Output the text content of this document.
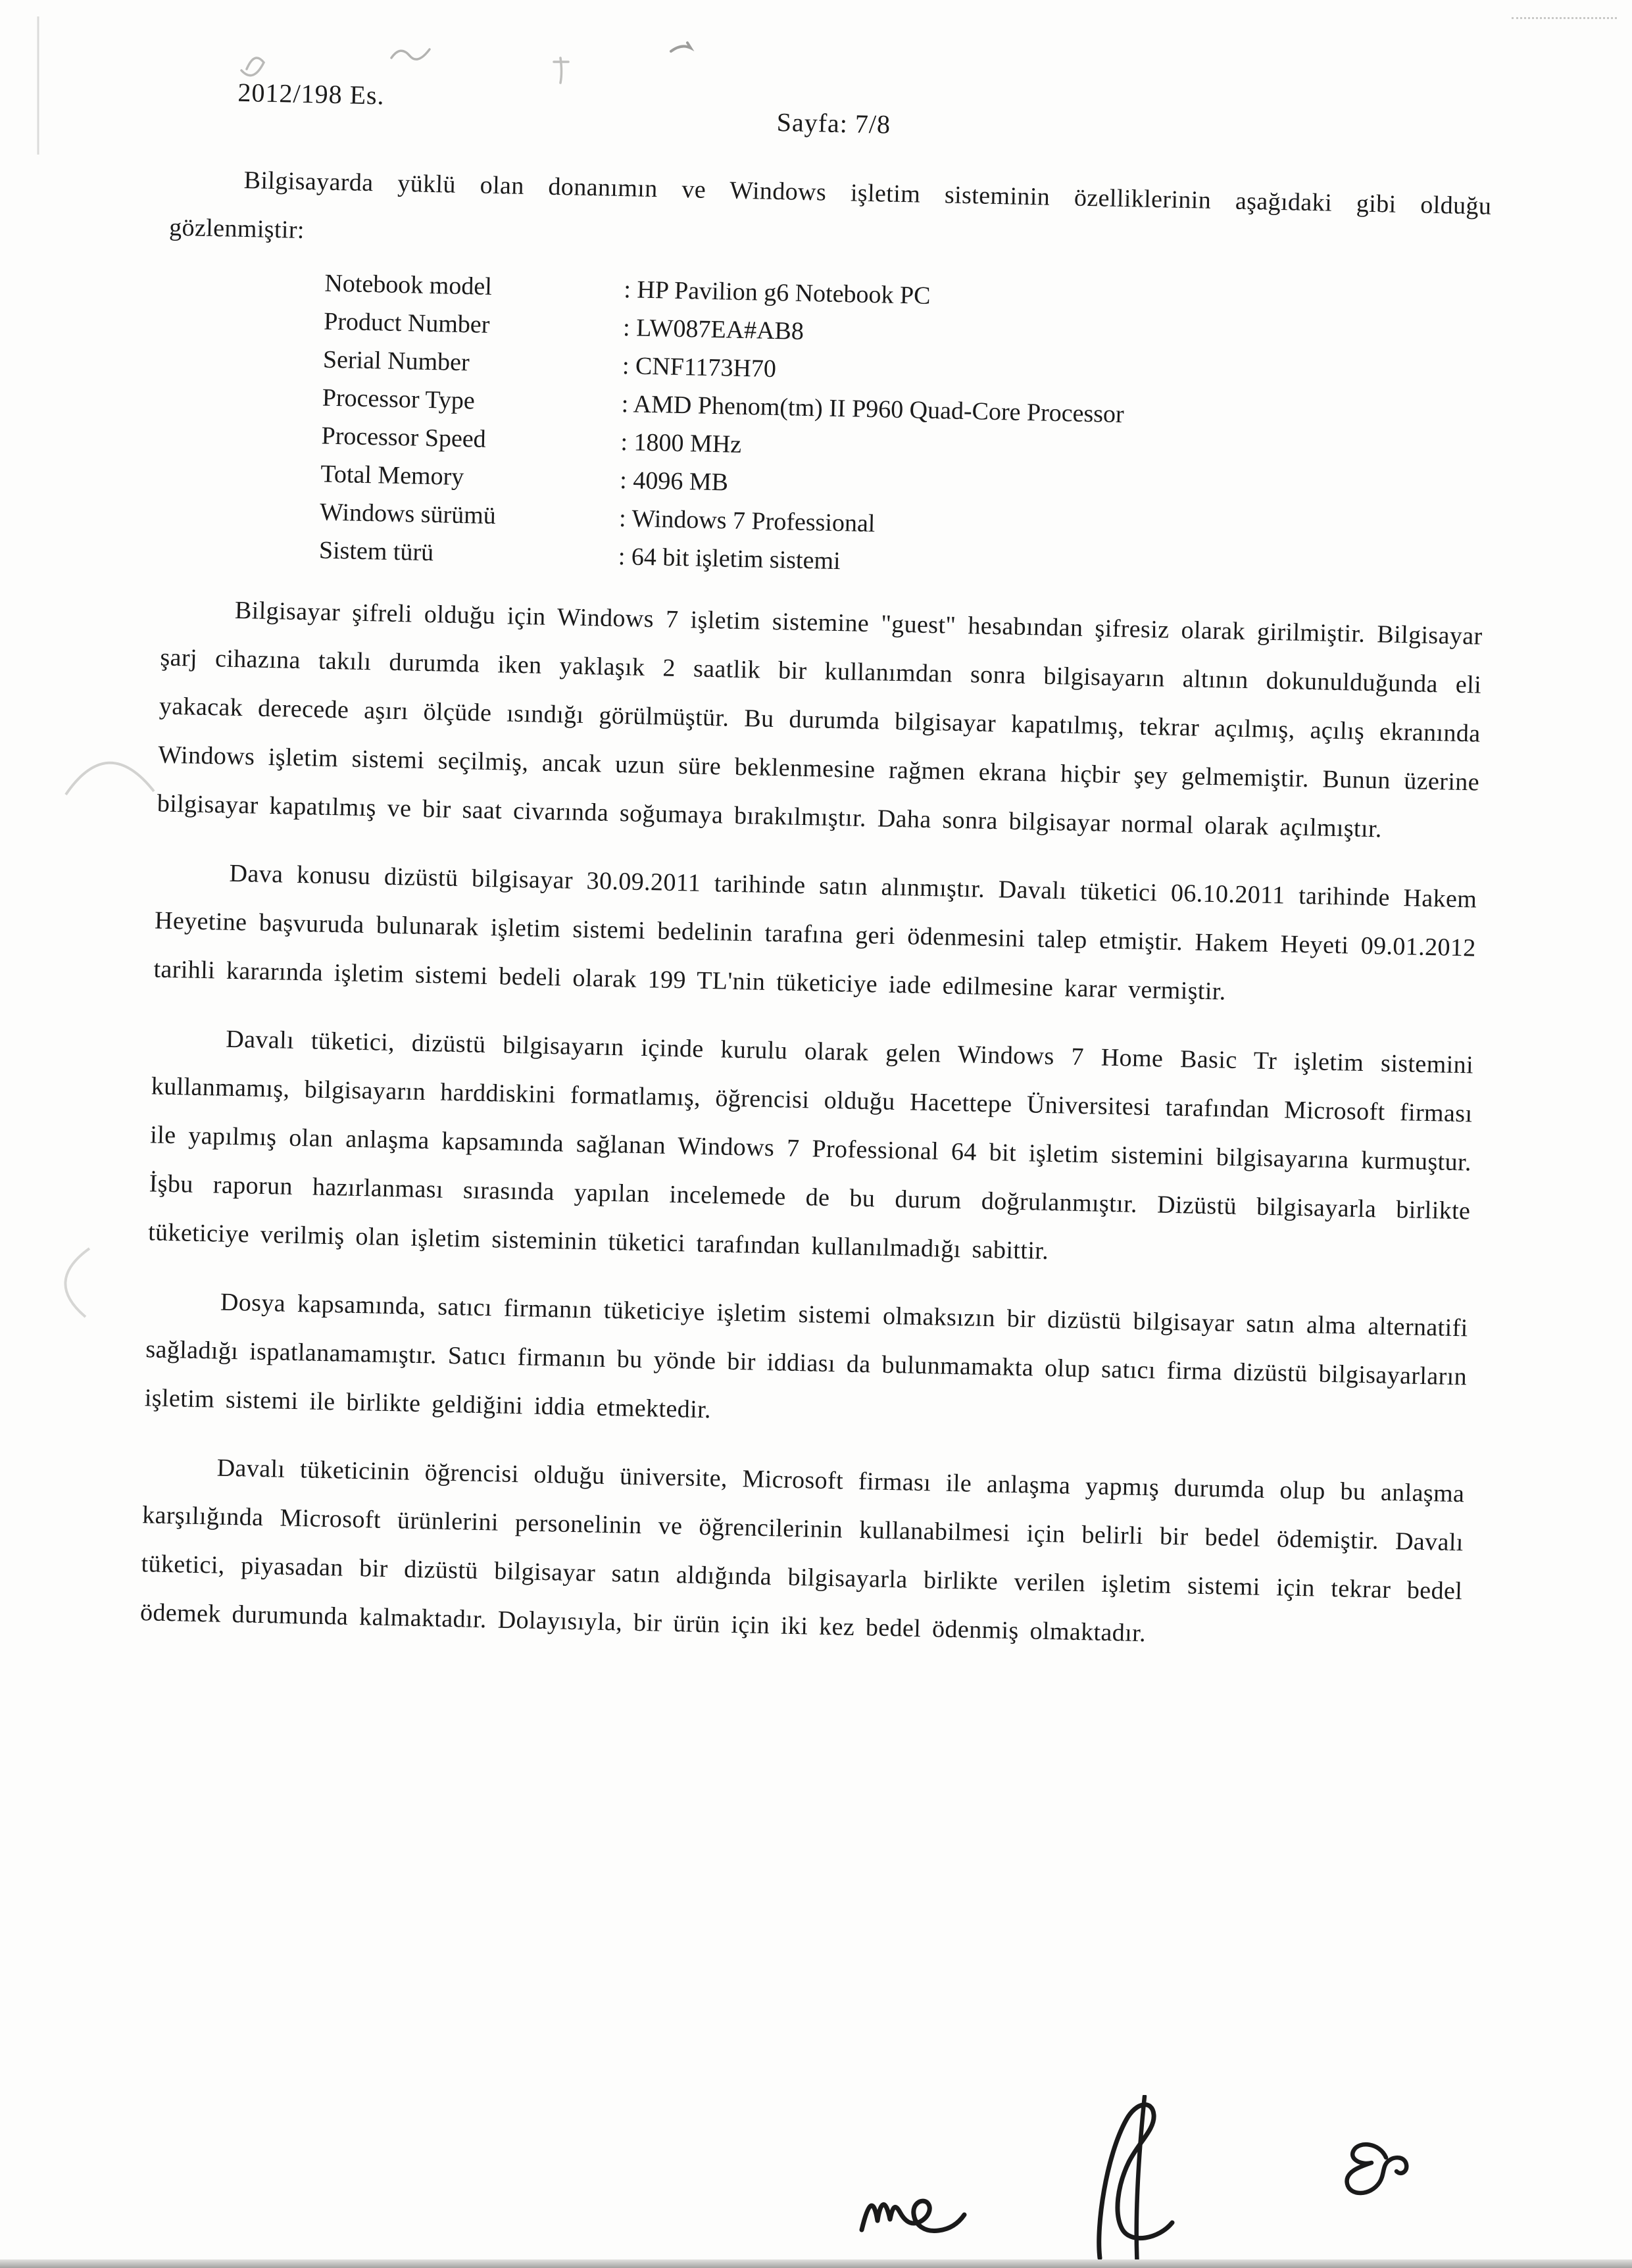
2012/198 Es.
Sayfa: 7/8

Bilgisayarda yüklü olan donanımın ve Windows işletim sisteminin özelliklerinin aşağıdaki gibi olduğu gözlenmiştir:

Notebook model	: HP Pavilion g6 Notebook PC
Product Number	: LW087EA#AB8
Serial Number	: CNF1173H70
Processor Type	: AMD Phenom(tm) II P960 Quad-Core Processor
Processor Speed	: 1800 MHz
Total Memory	: 4096 MB
Windows sürümü	: Windows 7 Professional
Sistem türü	: 64 bit işletim sistemi

Bilgisayar şifreli olduğu için Windows 7 işletim sistemine "guest" hesabından şifresiz olarak girilmiştir. Bilgisayar şarj cihazına takılı durumda iken yaklaşık 2 saatlik bir kullanımdan sonra bilgisayarın altının dokunulduğunda eli yakacak derecede aşırı ölçüde ısındığı görülmüştür. Bu durumda bilgisayar kapatılmış, tekrar açılmış, açılış ekranında Windows işletim sistemi seçilmiş, ancak uzun süre beklenmesine rağmen ekrana hiçbir şey gelmemiştir. Bunun üzerine bilgisayar kapatılmış ve bir saat civarında soğumaya bırakılmıştır. Daha sonra bilgisayar normal olarak açılmıştır.

Dava konusu dizüstü bilgisayar 30.09.2011 tarihinde satın alınmıştır. Davalı tüketici 06.10.2011 tarihinde Hakem Heyetine başvuruda bulunarak işletim sistemi bedelinin tarafına geri ödenmesini talep etmiştir. Hakem Heyeti 09.01.2012 tarihli kararında işletim sistemi bedeli olarak 199 TL'nin tüketiciye iade edilmesine karar vermiştir.

Davalı tüketici, dizüstü bilgisayarın içinde kurulu olarak gelen Windows 7 Home Basic Tr işletim sistemini kullanmamış, bilgisayarın harddiskini formatlamış, öğrencisi olduğu Hacettepe Üniversitesi tarafından Microsoft firması ile yapılmış olan anlaşma kapsamında sağlanan Windows 7 Professional 64 bit işletim sistemini bilgisayarına kurmuştur. İşbu raporun hazırlanması sırasında yapılan incelemede de bu durum doğrulanmıştır. Dizüstü bilgisayarla birlikte tüketiciye verilmiş olan işletim sisteminin tüketici tarafından kullanılmadığı sabittir.

Dosya kapsamında, satıcı firmanın tüketiciye işletim sistemi olmaksızın bir dizüstü bilgisayar satın alma alternatifi sağladığı ispatlanamamıştır. Satıcı firmanın bu yönde bir iddiası da bulunmamakta olup satıcı firma dizüstü bilgisayarların işletim sistemi ile birlikte geldiğini iddia etmektedir.

Davalı tüketicinin öğrencisi olduğu üniversite, Microsoft firması ile anlaşma yapmış durumda olup bu anlaşma karşılığında Microsoft ürünlerini personelinin ve öğrencilerinin kullanabilmesi için belirli bir bedel ödemiştir. Davalı tüketici, piyasadan bir dizüstü bilgisayar satın aldığında bilgisayarla birlikte verilen işletim sistemi için tekrar bedel ödemek durumunda kalmaktadır. Dolayısıyla, bir ürün için iki kez bedel ödenmiş olmaktadır.
